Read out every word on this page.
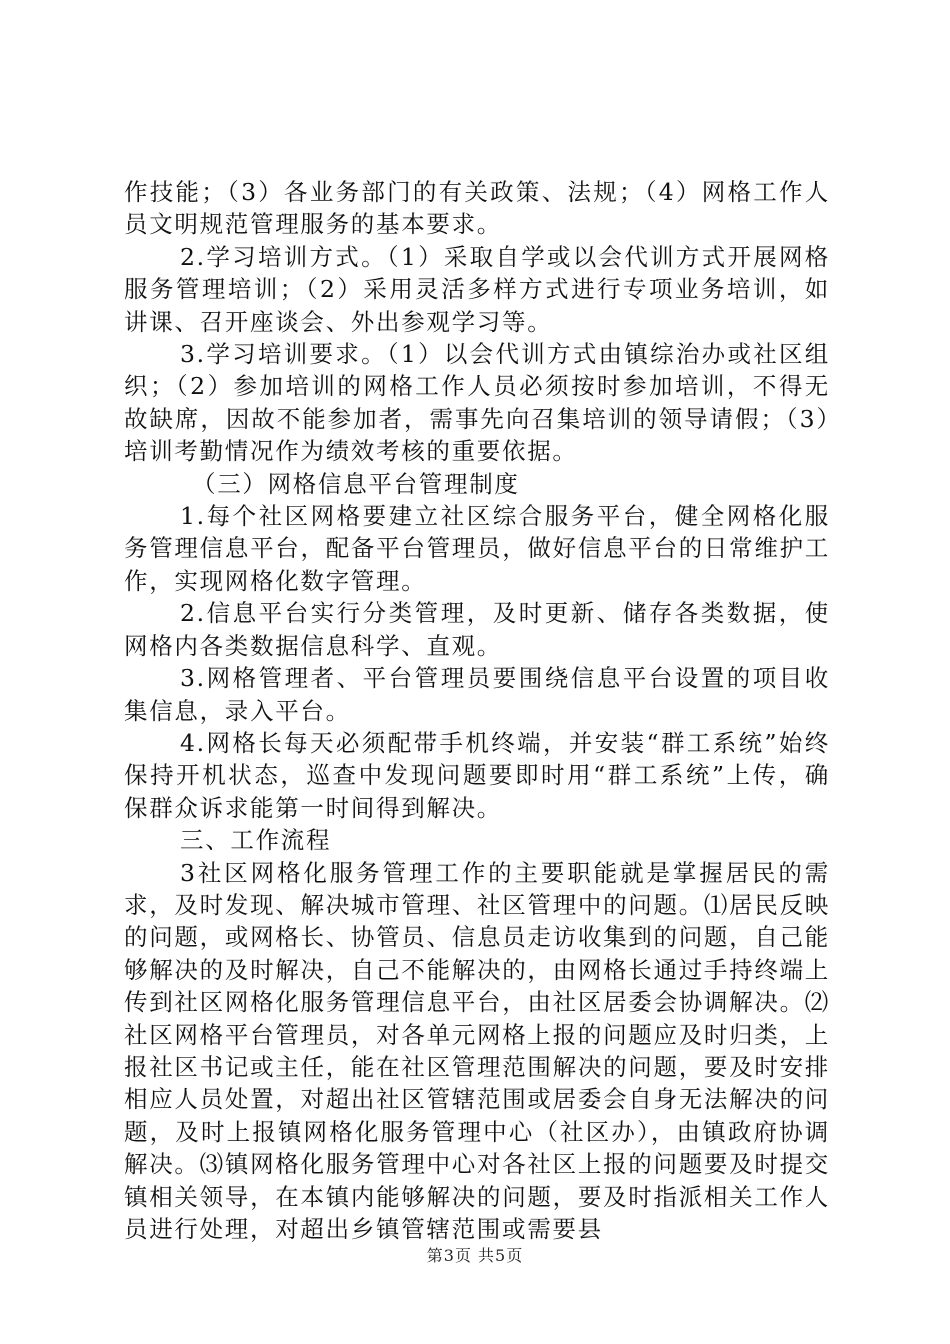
作技能；（3）各业务部门的有关政策、法规；（4）网格工作人员文明规范管理服务的基本要求。

2.学习培训方式。（1）采取自学或以会代训方式开展网格服务管理培训；（2）采用灵活多样方式进行专项业务培训，如讲课、召开座谈会、外出参观学习等。

3.学习培训要求。（1）以会代训方式由镇综治办或社区组织；（2）参加培训的网格工作人员必须按时参加培训，不得无故缺席，因故不能参加者，需事先向召集培训的领导请假；（3）培训考勤情况作为绩效考核的重要依据。

（三）网格信息平台管理制度

1.每个社区网格要建立社区综合服务平台，健全网格化服务管理信息平台，配备平台管理员，做好信息平台的日常维护工作，实现网格化数字管理。

2.信息平台实行分类管理，及时更新、储存各类数据，使网格内各类数据信息科学、直观。

3.网格管理者、平台管理员要围绕信息平台设置的项目收集信息，录入平台。

4.网格长每天必须配带手机终端，并安装“群工系统”始终保持开机状态，巡查中发现问题要即时用“群工系统”上传，确保群众诉求能第一时间得到解决。

三、工作流程

3社区网格化服务管理工作的主要职能就是掌握居民的需求，及时发现、解决城市管理、社区管理中的问题。⑴居民反映的问题，或网格长、协管员、信息员走访收集到的问题，自己能够解决的及时解决，自己不能解决的，由网格长通过手持终端上传到社区网格化服务管理信息平台，由社区居委会协调解决。⑵社区网格平台管理员，对各单元网格上报的问题应及时归类，上报社区书记或主任，能在社区管理范围解决的问题，要及时安排相应人员处置，对超出社区管辖范围或居委会自身无法解决的问题，及时上报镇网格化服务管理中心（社区办），由镇政府协调解决。⑶镇网格化服务管理中心对各社区上报的问题要及时提交镇相关领导，在本镇内能够解决的问题，要及时指派相关工作人员进行处理，对超出乡镇管辖范围或需要县

第3页 共5页
